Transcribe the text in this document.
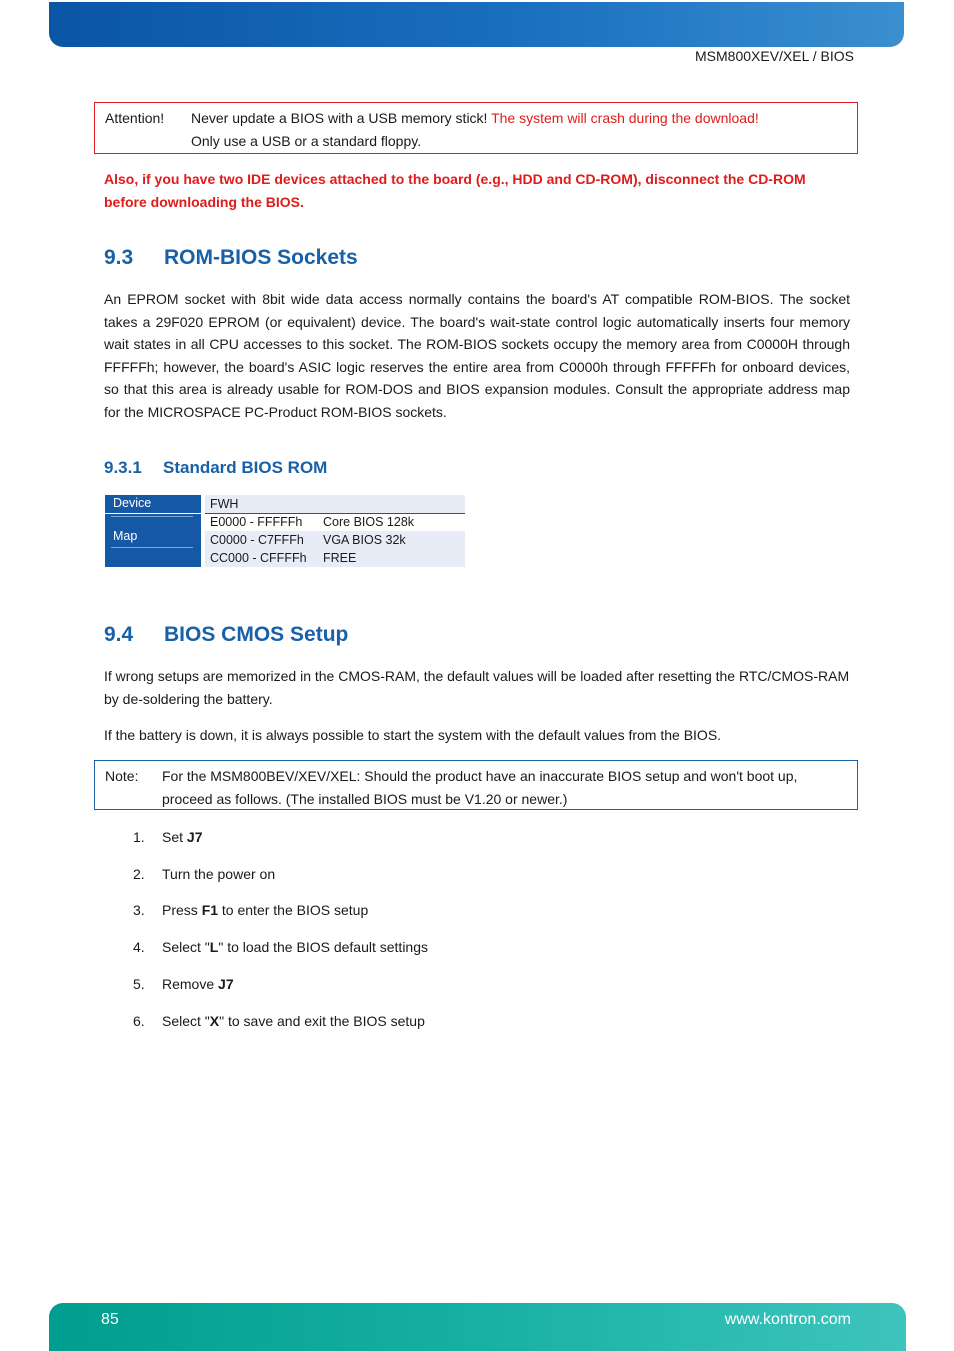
MSM800XEV/XEL / BIOS
Attention! Never update a BIOS with a USB memory stick! The system will crash during the download!
Only use a USB or a standard floppy.
Also, if you have two IDE devices attached to the board (e.g., HDD and CD-ROM), disconnect the CD-ROM before downloading the BIOS.
9.3 ROM-BIOS Sockets

An EPROM socket with 8bit wide data access normally contains the board's AT compatible ROM-BIOS. The socket takes a 29F020 EPROM (or equivalent) device. The board's wait-state control logic automatically inserts four memory wait states in all CPU accesses to this socket. The ROM-BIOS sockets occupy the memory area from C0000H through FFFFFh; however, the board's ASIC logic reserves the entire area from C0000h through FFFFFh for onboard devices, so that this area is already usable for ROM-DOS and BIOS expansion modules. Consult the appropriate address map for the MICROSPACE PC-Product ROM-BIOS sockets.

9.3.1 Standard BIOS ROM
Device
Map
FWH
E0000 - FFFFFh Core BIOS 128k
C0000 - C7FFFh VGA BIOS 32k
CC000 - CFFFFh FREE
9.4 BIOS CMOS Setup

If wrong setups are memorized in the CMOS-RAM, the default values will be loaded after resetting the RTC/CMOS-RAM by de-soldering the battery.

If the battery is down, it is always possible to start the system with the default values from the BIOS.

Note: For the MSM800BEV/XEV/XEL: Should the product have an inaccurate BIOS setup and won't boot up,
proceed as follows. (The installed BIOS must be V1.20 or newer.)
1. Set J7
2. Turn the power on
3. Press F1 to enter the BIOS setup
4. Select "L" to load the BIOS default settings
5. Remove J7
6. Select "X" to save and exit the BIOS setup
85	www.kontron.com
